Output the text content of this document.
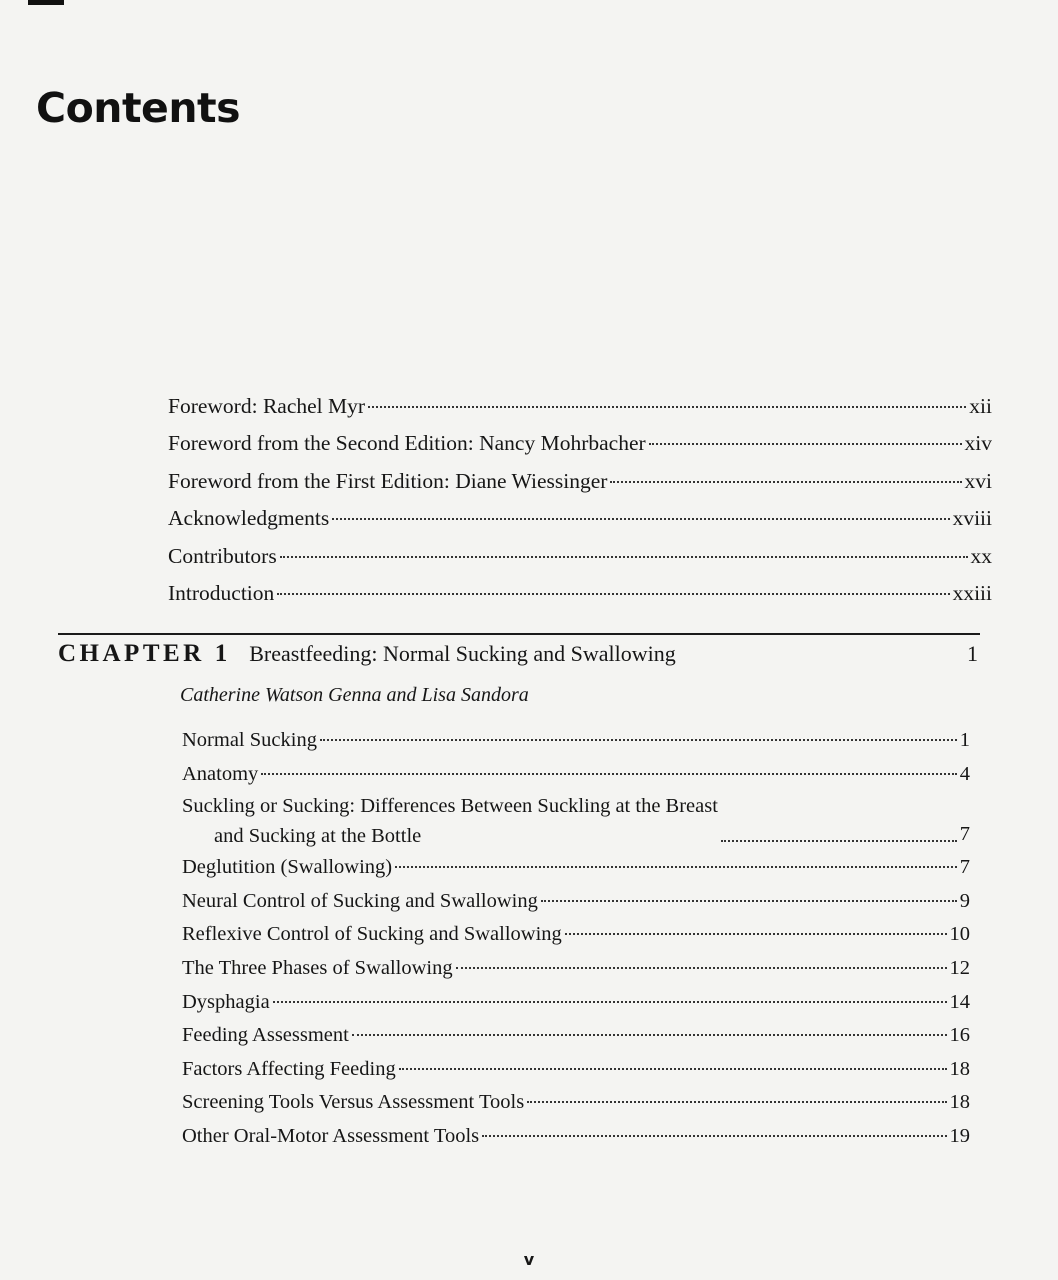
Contents
Foreword: Rachel Myr	xii
Foreword from the Second Edition: Nancy Mohrbacher	xiv
Foreword from the First Edition: Diane Wiessinger	xvi
Acknowledgments	xviii
Contributors	xx
Introduction	xxiii
CHAPTER 1 Breastfeeding: Normal Sucking and Swallowing	1
Catherine Watson Genna and Lisa Sandora
Normal Sucking	1
Anatomy	4
Suckling or Sucking: Differences Between Suckling at the Breast
and Sucking at the Bottle	7
Deglutition (Swallowing)	7
Neural Control of Sucking and Swallowing	9
Reflexive Control of Sucking and Swallowing	10
The Three Phases of Swallowing	12
Dysphagia	14
Feeding Assessment	16
Factors Affecting Feeding	18
Screening Tools Versus Assessment Tools	18
Other Oral-Motor Assessment Tools	19
v
